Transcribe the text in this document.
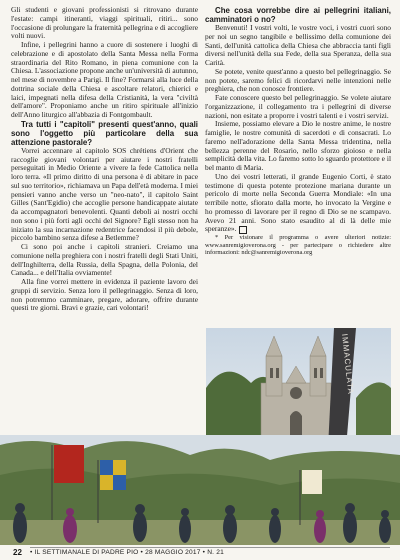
Gli studenti e giovani professionisti si ritrovano durante l'estate: campi itineranti, viaggi spirituali, ritiri... sono l'occasione di prolungare la fraternità pellegrina e di accogliere volti nuovi.

Infine, i pellegrini hanno a cuore di sostenere i luoghi di celebrazione e di apostolato della Santa Messa nella Forma straordinaria del Rito Romano, in piena comunione con la Chiesa. L'associazione propone anche un'università di autunno, nel mese di novembre a Parigi. Il fine? Formarsi alla luce della dottrina sociale della Chiesa e ascoltare relatori, chierici e laici, impegnati nella difesa della Cristianità, la vera "civiltà dell'amore". Proponiamo anche un ritiro spirituale all'inizio dell'Anno liturgico all'abbazia di Fontgombault.

Tra tutti i "capitoli" presenti quest'anno, quali sono l'oggetto più particolare della sua attenzione pastorale?

Vorrei accennare al capitolo SOS chrétiens d'Orient che raccoglie giovani volontari per aiutare i nostri fratelli perseguitati in Medio Oriente a vivere la fede Cattolica nella loro terra. «Il primo diritto di una persona è di abitare in pace sul suo territorio», richiamava un Papa dell'età moderna. I miei pensieri vanno anche verso un "neo-nato", il capitolo Saint Gilles (Sant'Egidio) che accoglie persone handicappate aiutate da accompagnatori benevolenti. Quanti deboli ai nostri occhi non sono i più forti agli occhi del Signore? Egli stesso non ha iniziato la sua incarnazione redentrice facendosi il più debole, piccolo bambino senza difese a Betlemme?

Ci sono poi anche i capitoli stranieri. Creiamo una comunione nella preghiera con i nostri fratelli degli Stati Uniti, dell'Inghilterra, della Russia, della Spagna, della Polonia, del Canada... e dell'Italia ovviamente!

Alla fine vorrei mettere in evidenza il paziente lavoro dei gruppi di servizio. Senza loro il pellegrinaggio. Senza di loro, non potremmo camminare, pregare, adorare, offrire durante questi tre giorni. Bravi e grazie, cari volontari!

Che cosa vorrebbe dire ai pellegrini italiani, camminatori o no?

Benvenuti! I vostri volti, le vostre voci, i vostri cuori sono per noi un segno tangibile e bellissimo della comunione dei Santi, dell'unità cattolica della Chiesa che abbraccia tanti figli diversi nell'unità della sua Fede, della sua Speranza, della sua Carità.

Se potete, venite quest'anno a questo bel pellegrinaggio. Se non potete, saremo felici di ricordarvi nelle intenzioni nelle preghiera, che non conosce frontiere.

Fate conoscere questo bel pellegrinaggio. Se volete aiutare l'organizzazione, il collegamento tra i pellegrini di diverse nazioni, non esitate a proporre i vostri talenti e i vostri servizi.

Insieme, possiamo elevare a Dio le nostre anime, le nostre famiglie, le nostre comunità di sacerdoti e di consacrati. Lo faremo nell'adorazione della Santa Messa tridentina, nella bellezza perenne del Rosario, nello sforzo gioioso e nella semplicità della vita. Lo faremo sotto lo sguardo protettore e il bel manto di Maria.

Uno dei vostri letterati, il grande Eugenio Corti, è stato testimone di questa potente protezione mariana durante un pericolo di morte nella Seconda Guerra Mondiale: «In una terribile notte, sfiorato dalla morte, ho invocato la Vergine e ho promesso di lavorare per il regno di Dio se ne scampavo. Avevo 21 anni. Sono stato esaudito al di là delle mie speranze».

* Per visionare il programma o avere ulteriori notizie: www.sanremigioverona.org - per partecipare o richiedere altre informazioni: ndc@sanremigioverona.org

IMMACULATA
22 • IL SETTIMANALE DI PADRE PIO • 28 MAGGIO 2017 • N. 21
